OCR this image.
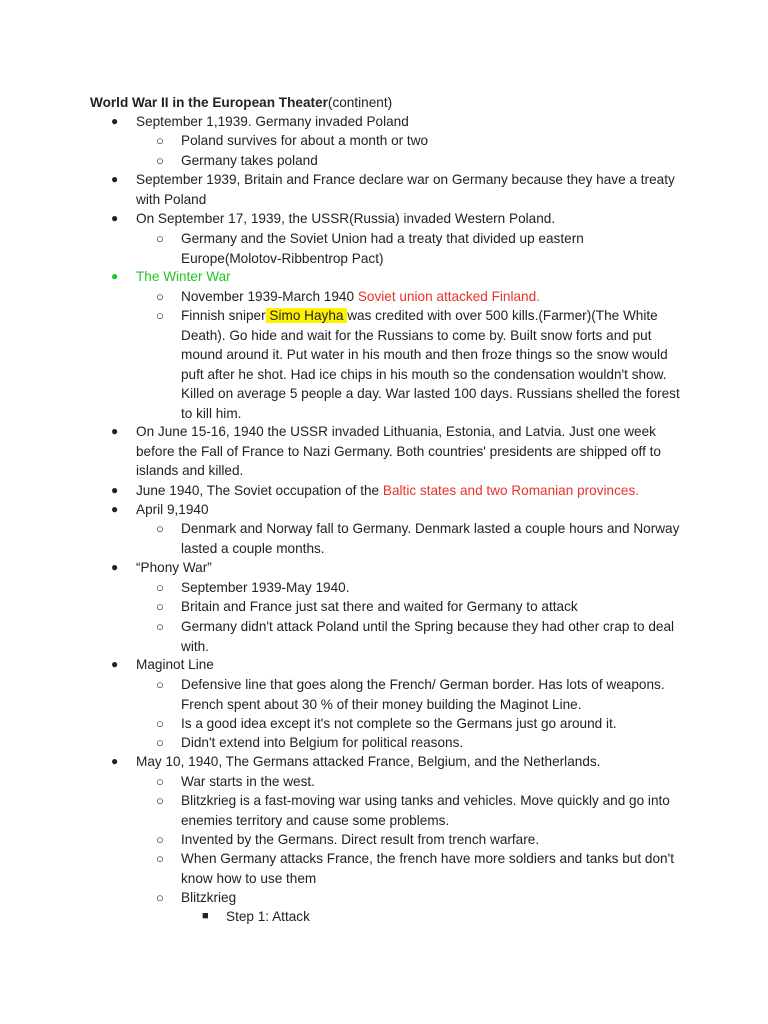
World War II in the European Theater(continent)
● September 1,1939. Germany invaded Poland
○ Poland survives for about a month or two
○ Germany takes poland
● September 1939, Britain and France declare war on Germany because they have a treaty with Poland
● On September 17, 1939, the USSR(Russia) invaded Western Poland.
○ Germany and the Soviet Union had a treaty that divided up eastern Europe(Molotov-Ribbentrop Pact)
● The Winter War
○ November 1939-March 1940 Soviet union attacked Finland.
○ Finnish sniper Simo Hayha was credited with over 500 kills.(Farmer)(The White Death). Go hide and wait for the Russians to come by. Built snow forts and put mound around it. Put water in his mouth and then froze things so the snow would puft after he shot. Had ice chips in his mouth so the condensation wouldn't show. Killed on average 5 people a day. War lasted 100 days. Russians shelled the forest to kill him.
● On June 15-16, 1940 the USSR invaded Lithuania, Estonia, and Latvia. Just one week before the Fall of France to Nazi Germany. Both countries' presidents are shipped off to islands and killed.
● June 1940, The Soviet occupation of the Baltic states and two Romanian provinces.
● April 9,1940
○ Denmark and Norway fall to Germany. Denmark lasted a couple hours and Norway lasted a couple months.
● “Phony War”
○ September 1939-May 1940.
○ Britain and France just sat there and waited for Germany to attack
○ Germany didn't attack Poland until the Spring because they had other crap to deal with.
● Maginot Line
○ Defensive line that goes along the French/ German border. Has lots of weapons. French spent about 30 % of their money building the Maginot Line.
○ Is a good idea except it's not complete so the Germans just go around it.
○ Didn't extend into Belgium for political reasons.
● May 10, 1940, The Germans attacked France, Belgium, and the Netherlands.
○ War starts in the west.
○ Blitzkrieg is a fast-moving war using tanks and vehicles. Move quickly and go into enemies territory and cause some problems.
○ Invented by the Germans. Direct result from trench warfare.
○ When Germany attacks France, the french have more soldiers and tanks but don't know how to use them
○ Blitzkrieg
■ Step 1: Attack
